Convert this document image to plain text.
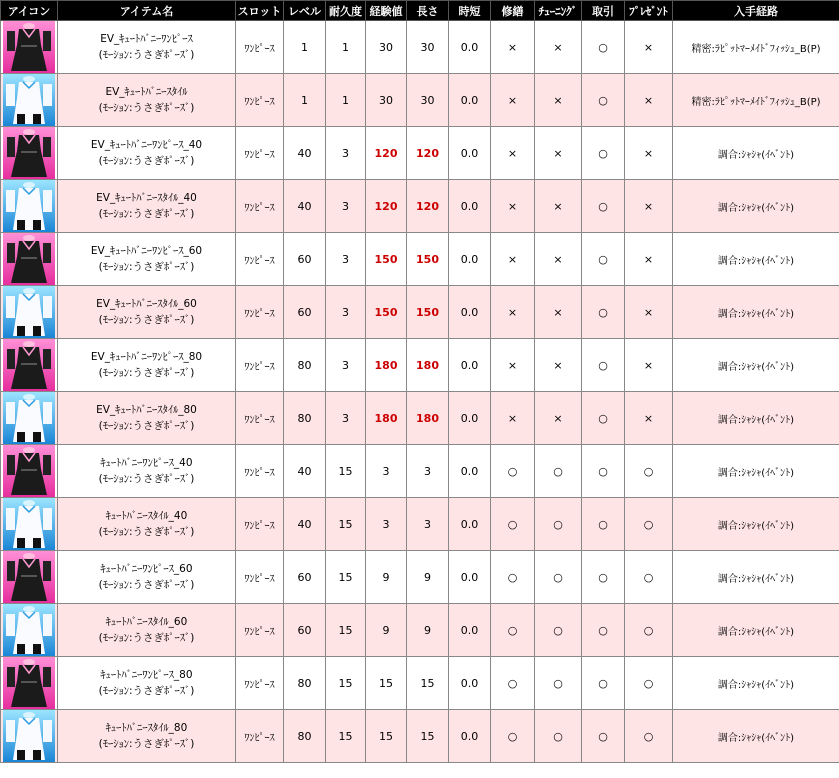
アイコン	アイテム名	スロット	レベル	耐久度	経験値	長さ	時短	修繕	ﾁｭｰﾆﾝｸﾞ	取引	ﾌﾟﾚｾﾞﾝﾄ	入手経路

EV_ｷｭｰﾄﾊﾞﾆｰﾜﾝﾋﾟｰｽ
(ﾓｰｼｮﾝ:うさぎﾎﾟｰｽﾞ)	ﾜﾝﾋﾟｰｽ	1	1	30	30	0.0	×	×	○	×	精密:ﾗﾋﾟｯﾄﾏｰﾒｲﾄﾞﾌｨｯｼｭ_B(P)

EV_ｷｭｰﾄﾊﾞﾆｰｽﾀｲﾙ
(ﾓｰｼｮﾝ:うさぎﾎﾟｰｽﾞ)	ﾜﾝﾋﾟｰｽ	1	1	30	30	0.0	×	×	○	×	精密:ﾗﾋﾟｯﾄﾏｰﾒｲﾄﾞﾌｨｯｼｭ_B(P)

EV_ｷｭｰﾄﾊﾞﾆｰﾜﾝﾋﾟｰｽ_40
(ﾓｰｼｮﾝ:うさぎﾎﾟｰｽﾞ)	ﾜﾝﾋﾟｰｽ	40	3	120	120	0.0	×	×	○	×	調合:ｼｬｼｬ(ｲﾍﾞﾝﾄ)

EV_ｷｭｰﾄﾊﾞﾆｰｽﾀｲﾙ_40
(ﾓｰｼｮﾝ:うさぎﾎﾟｰｽﾞ)	ﾜﾝﾋﾟｰｽ	40	3	120	120	0.0	×	×	○	×	調合:ｼｬｼｬ(ｲﾍﾞﾝﾄ)

EV_ｷｭｰﾄﾊﾞﾆｰﾜﾝﾋﾟｰｽ_60
(ﾓｰｼｮﾝ:うさぎﾎﾟｰｽﾞ)	ﾜﾝﾋﾟｰｽ	60	3	150	150	0.0	×	×	○	×	調合:ｼｬｼｬ(ｲﾍﾞﾝﾄ)

EV_ｷｭｰﾄﾊﾞﾆｰｽﾀｲﾙ_60
(ﾓｰｼｮﾝ:うさぎﾎﾟｰｽﾞ)	ﾜﾝﾋﾟｰｽ	60	3	150	150	0.0	×	×	○	×	調合:ｼｬｼｬ(ｲﾍﾞﾝﾄ)

EV_ｷｭｰﾄﾊﾞﾆｰﾜﾝﾋﾟｰｽ_80
(ﾓｰｼｮﾝ:うさぎﾎﾟｰｽﾞ)	ﾜﾝﾋﾟｰｽ	80	3	180	180	0.0	×	×	○	×	調合:ｼｬｼｬ(ｲﾍﾞﾝﾄ)

EV_ｷｭｰﾄﾊﾞﾆｰｽﾀｲﾙ_80
(ﾓｰｼｮﾝ:うさぎﾎﾟｰｽﾞ)	ﾜﾝﾋﾟｰｽ	80	3	180	180	0.0	×	×	○	×	調合:ｼｬｼｬ(ｲﾍﾞﾝﾄ)

ｷｭｰﾄﾊﾞﾆｰﾜﾝﾋﾟｰｽ_40
(ﾓｰｼｮﾝ:うさぎﾎﾟｰｽﾞ)	ﾜﾝﾋﾟｰｽ	40	15	3	3	0.0	○	○	○	○	調合:ｼｬｼｬ(ｲﾍﾞﾝﾄ)

ｷｭｰﾄﾊﾞﾆｰｽﾀｲﾙ_40
(ﾓｰｼｮﾝ:うさぎﾎﾟｰｽﾞ)	ﾜﾝﾋﾟｰｽ	40	15	3	3	0.0	○	○	○	○	調合:ｼｬｼｬ(ｲﾍﾞﾝﾄ)

ｷｭｰﾄﾊﾞﾆｰﾜﾝﾋﾟｰｽ_60
(ﾓｰｼｮﾝ:うさぎﾎﾟｰｽﾞ)	ﾜﾝﾋﾟｰｽ	60	15	9	9	0.0	○	○	○	○	調合:ｼｬｼｬ(ｲﾍﾞﾝﾄ)

ｷｭｰﾄﾊﾞﾆｰｽﾀｲﾙ_60
(ﾓｰｼｮﾝ:うさぎﾎﾟｰｽﾞ)	ﾜﾝﾋﾟｰｽ	60	15	9	9	0.0	○	○	○	○	調合:ｼｬｼｬ(ｲﾍﾞﾝﾄ)

ｷｭｰﾄﾊﾞﾆｰﾜﾝﾋﾟｰｽ_80
(ﾓｰｼｮﾝ:うさぎﾎﾟｰｽﾞ)	ﾜﾝﾋﾟｰｽ	80	15	15	15	0.0	○	○	○	○	調合:ｼｬｼｬ(ｲﾍﾞﾝﾄ)

ｷｭｰﾄﾊﾞﾆｰｽﾀｲﾙ_80
(ﾓｰｼｮﾝ:うさぎﾎﾟｰｽﾞ)	ﾜﾝﾋﾟｰｽ	80	15	15	15	0.0	○	○	○	○	調合:ｼｬｼｬ(ｲﾍﾞﾝﾄ)
